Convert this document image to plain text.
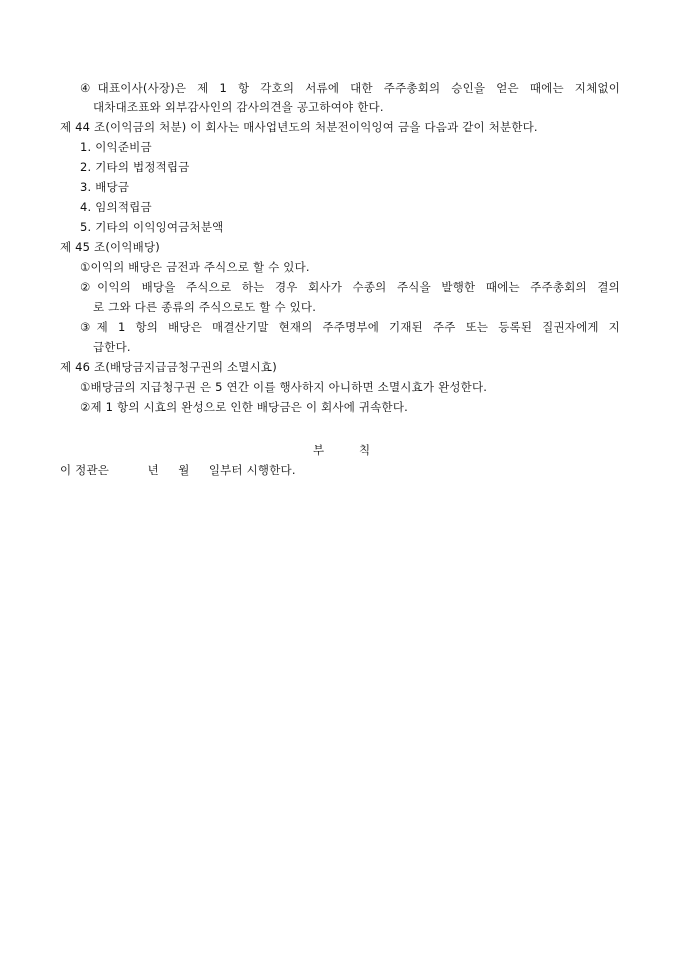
④대표이사(사장)은 제 1 항 각호의 서류에 대한 주주총회의 승인을 얻은 때에는 지체없이
대차대조표와 외부감사인의 감사의견을 공고하여야 한다.
제 44 조(이익금의 처분) 이 회사는 매사업년도의 처분전이익잉여 금을 다음과 같이 처분한다.
1. 이익준비금
2. 기타의 법정적립금
3. 배당금
4. 임의적립금
5. 기타의 이익잉여금처분액
제 45 조(이익배당)
①이익의 배당은 금전과 주식으로 할 수 있다.
②이익의 배당을 주식으로 하는 경우 회사가 수종의 주식을 발행한 때에는 주주총회의 결의
로 그와 다른 종류의 주식으로도 할 수 있다.
③제 1 항의 배당은 매결산기말 현재의 주주명부에 기재된 주주 또는 등록된 질권자에게 지
급한다.
제 46 조(배당금지급금청구권의 소멸시효)
①배당금의 지급청구권 은 5 연간 이를 행사하지 아니하면 소멸시효가 완성한다.
②제 1 항의 시효의 완성으로 인한 배당금은 이 회사에 귀속한다.
부         칙
이 정관은          년     월     일부터 시행한다.
